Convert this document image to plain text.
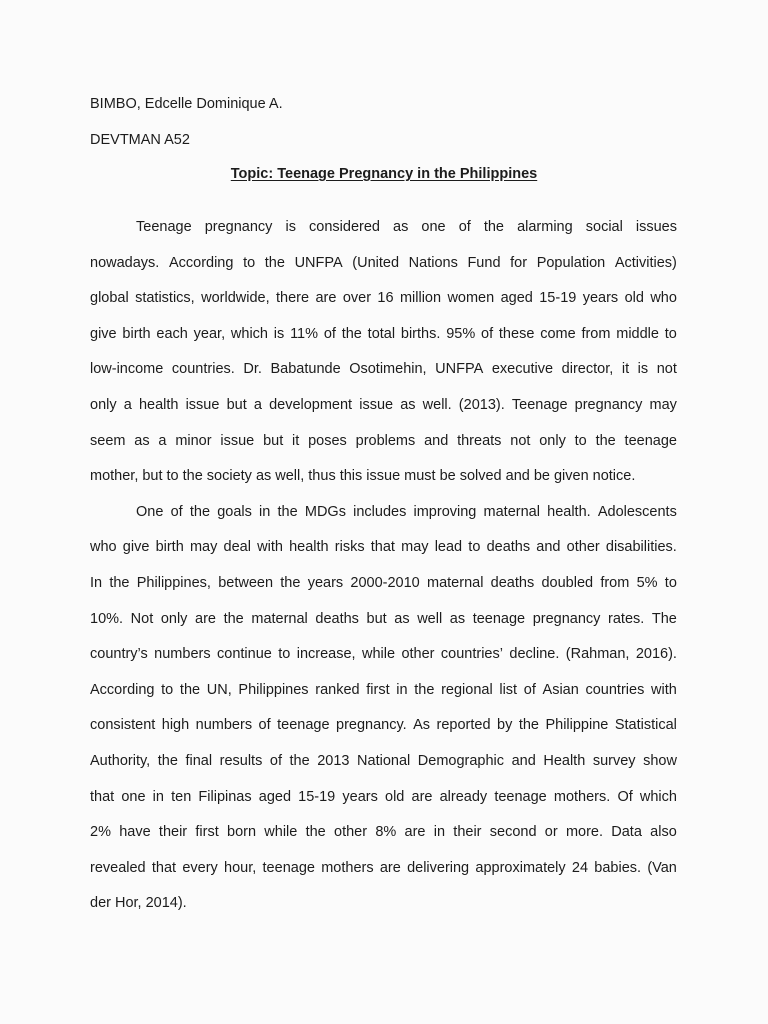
BIMBO, Edcelle Dominique A.
DEVTMAN A52
Topic: Teenage Pregnancy in the Philippines
Teenage pregnancy is considered as one of the alarming social issues
nowadays. According to the UNFPA (United Nations Fund for Population Activities)
global statistics, worldwide, there are over 16 million women aged 15-19 years old who
give birth each year, which is 11% of the total births. 95% of these come from middle to
low-income countries. Dr. Babatunde Osotimehin, UNFPA executive director, it is not
only a health issue but a development issue as well. (2013). Teenage pregnancy may
seem as a minor issue but it poses problems and threats not only to the teenage
mother, but to the society as well, thus this issue must be solved and be given notice.
One of the goals in the MDGs includes improving maternal health. Adolescents
who give birth may deal with health risks that may lead to deaths and other disabilities.
In the Philippines, between the years 2000-2010 maternal deaths doubled from 5% to
10%. Not only are the maternal deaths but as well as teenage pregnancy rates. The
country’s numbers continue to increase, while other countries’ decline. (Rahman, 2016).
According to the UN, Philippines ranked first in the regional list of Asian countries with
consistent high numbers of teenage pregnancy. As reported by the Philippine Statistical
Authority, the final results of the 2013 National Demographic and Health survey show
that one in ten Filipinas aged 15-19 years old are already teenage mothers. Of which
2% have their first born while the other 8% are in their second or more. Data also
revealed that every hour, teenage mothers are delivering approximately 24 babies. (Van
der Hor, 2014).
